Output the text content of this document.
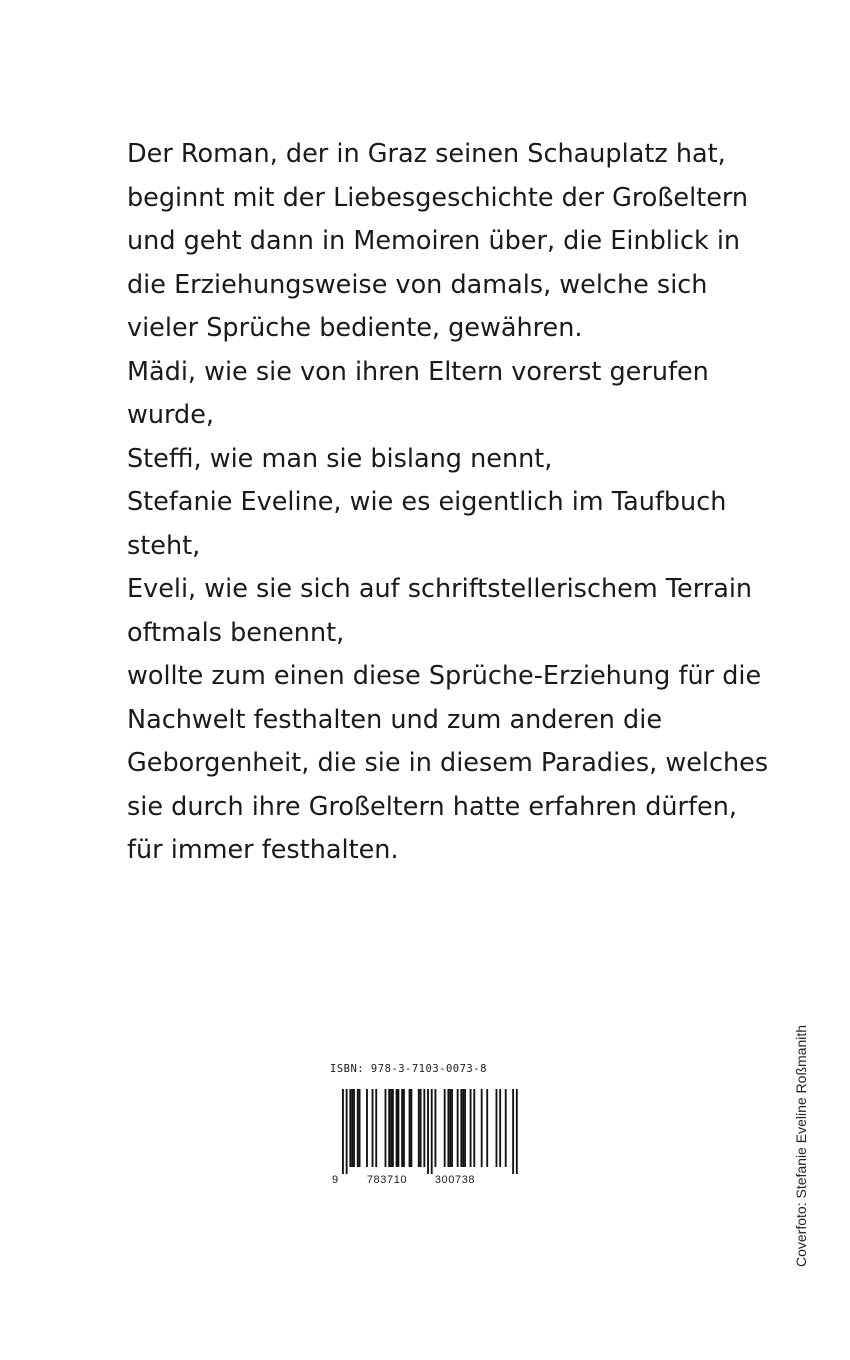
Der Roman, der in Graz seinen Schauplatz hat,
beginnt mit der Liebesgeschichte der Großeltern
und geht dann in Memoiren über, die Einblick in
die Erziehungsweise von damals, welche sich
vieler Sprüche bediente, gewähren.
Mädi, wie sie von ihren Eltern vorerst gerufen
wurde,
Steffi, wie man sie bislang nennt,
Stefanie Eveline, wie es eigentlich im Taufbuch
steht,
Eveli, wie sie sich auf schriftstellerischem Terrain
oftmals benennt,
wollte zum einen diese Sprüche-Erziehung für die
Nachwelt festhalten und zum anderen die
Geborgenheit, die sie in diesem Paradies, welches
sie durch ihre Großeltern hatte erfahren dürfen,
für immer festhalten.
ISBN: 978-3-7103-0073-8
9	783710	300738	Coverfoto: Stefanie Eveline Roßmanith
